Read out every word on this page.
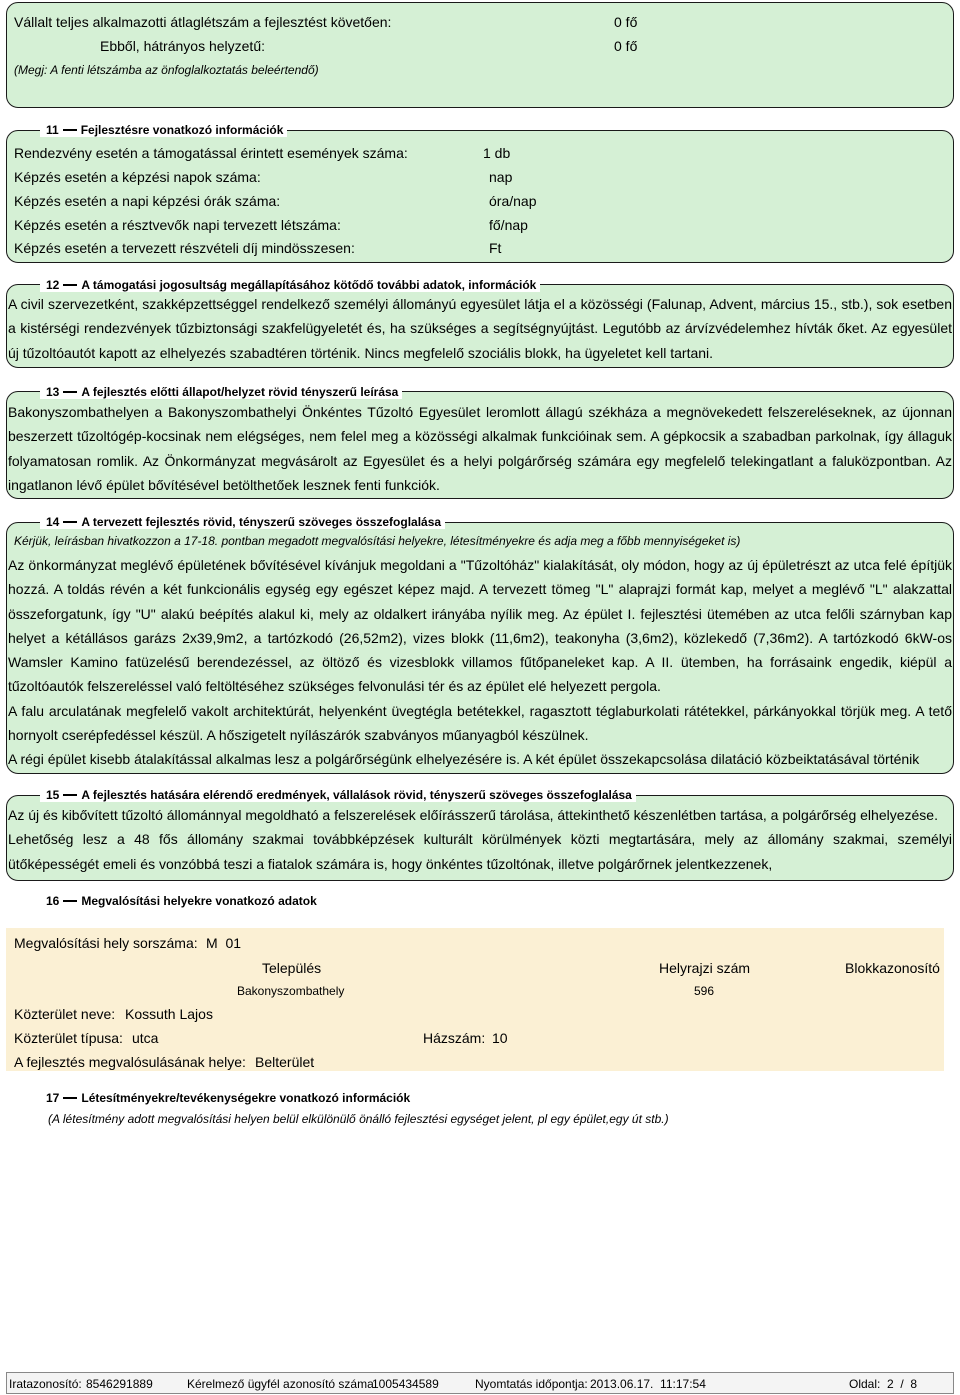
Vállalt teljes alkalmazotti átlaglétszám a fejlesztést követően:	0 fő
Ebből, hátrányos helyzetű:	0 fő
(Megj: A fenti létszámba az önfoglalkoztatás beleértendő)
11 Fejlesztésre vonatkozó információk
Rendezvény esetén a támogatással érintett események száma:	1 db
Képzés esetén a képzési napok száma:	nap
Képzés esetén a napi képzési órák száma:	óra/nap
Képzés esetén a résztvevők napi tervezett létszáma:	fő/nap
Képzés esetén a tervezett részvételi díj mindösszesen:	Ft
12 A támogatási jogosultság megállapításához kötődő további adatok, információk
A civil szervezetként, szakképzettséggel rendelkező személyi állományú egyesület látja el a közösségi (Falunap, Advent, március 15., stb.), sok esetben a kistérségi rendezvények tűzbiztonsági szakfelügyeletét és, ha szükséges a segítségnyújtást. Legutóbb az árvízvédelemhez hívták őket. Az egyesület új tűzoltóautót kapott az elhelyezés szabadtéren történik. Nincs megfelelő szociális blokk, ha ügyeletet kell tartani.
13 A fejlesztés előtti állapot/helyzet rövid tényszerű leírása
Bakonyszombathelyen a Bakonyszombathelyi Önkéntes Tűzoltó Egyesület leromlott állagú székháza a megnövekedett felszereléseknek, az újonnan beszerzett tűzoltógép-kocsinak nem elégséges, nem felel meg a közösségi alkalmak funkcióinak sem. A gépkocsik a szabadban parkolnak, így állaguk folyamatosan romlik. Az Önkormányzat megvásárolt az Egyesület és a helyi polgárőrség számára egy megfelelő telekingatlant a faluközpontban. Az ingatlanon lévő épület bővítésével betölthetőek lesznek fenti funkciók.
14 A tervezett fejlesztés rövid, tényszerű szöveges összefoglalása
Kérjük, leírásban hivatkozzon a 17-18. pontban megadott megvalósítási helyekre, létesítményekre és adja meg a főbb mennyiségeket is)
Az önkormányzat meglévő épületének bővítésével kívánjuk megoldani a "Tűzoltóház" kialakítását, oly módon, hogy az új épületrészt az utca felé építjük hozzá. A toldás révén a két funkcionális egység egy egészet képez majd. A tervezett tömeg "L" alaprajzi formát kap, melyet a meglévő "L" alakzattal összeforgatunk, így "U" alakú beépítés alakul ki, mely az oldalkert irányába nyílik meg. Az épület I. fejlesztési ütemében az utca felőli szárnyban kap helyet a kétállásos garázs 2x39,9m2, a tartózkodó (26,52m2), vizes blokk (11,6m2), teakonyha (3,6m2), közlekedő (7,36m2). A tartózkodó 6kW-os Wamsler Kamino fatüzelésű berendezéssel, az öltöző és vizesblokk villamos fűtőpaneleket kap. A II. ütemben, ha forrásaink engedik, kiépül a tűzoltóautók felszereléssel való feltöltéséhez szükséges felvonulási tér és az épület elé helyezett pergola.
A falu arculatának megfelelő vakolt architektúrát, helyenként üvegtégla betétekkel, ragasztott téglaburkolati rátétekkel, párkányokkal törjük meg. A tető hornyolt cserépfedéssel készül. A hőszigetelt nyílászárók szabványos műanyagból készülnek.
A régi épület kisebb átalakítással alkalmas lesz a polgárőrségünk elhelyezésére is. A két épület összekapcsolása dilatáció közbeiktatásával történik
15 A fejlesztés hatására elérendő eredmények, vállalások rövid, tényszerű szöveges összefoglalása
Az új és kibővített tűzoltó állománnyal megoldható a felszerelések előírásszerű tárolása, áttekinthető készenlétben tartása, a polgárőrség elhelyezése.
Lehetőség lesz a 48 fős állomány szakmai továbbképzések kulturált körülmények közti megtartására, mely az állomány szakmai, személyi ütőképességét emeli és vonzóbbá teszi a fiatalok számára is, hogy önkéntes tűzoltónak, illetve polgárőrnek jelentkezzenek,
16 Megvalósítási helyekre vonatkozó adatok
Megvalósítási hely sorszáma: M  01
Település	Helyrajzi szám	Blokkazonosító
Bakonyszombathely	596
Közterület neve: Kossuth Lajos
Közterület típusa: utca	Házszám: 10
A fejlesztés megvalósulásának helye: Belterület
17 Létesítményekre/tevékenységekre vonatkozó információk
(A létesítmény adott megvalósítási helyen belül elkülönülő önálló fejlesztési egységet jelent, pl egy épület,egy út stb.)
Iratazonosító: 8546291889	Kérelmező ügyfél azonosító száma:
1005434589	Nyomtatás időpontja: 2013.06.17.  11:17:54	Oldal: 2  /  8
